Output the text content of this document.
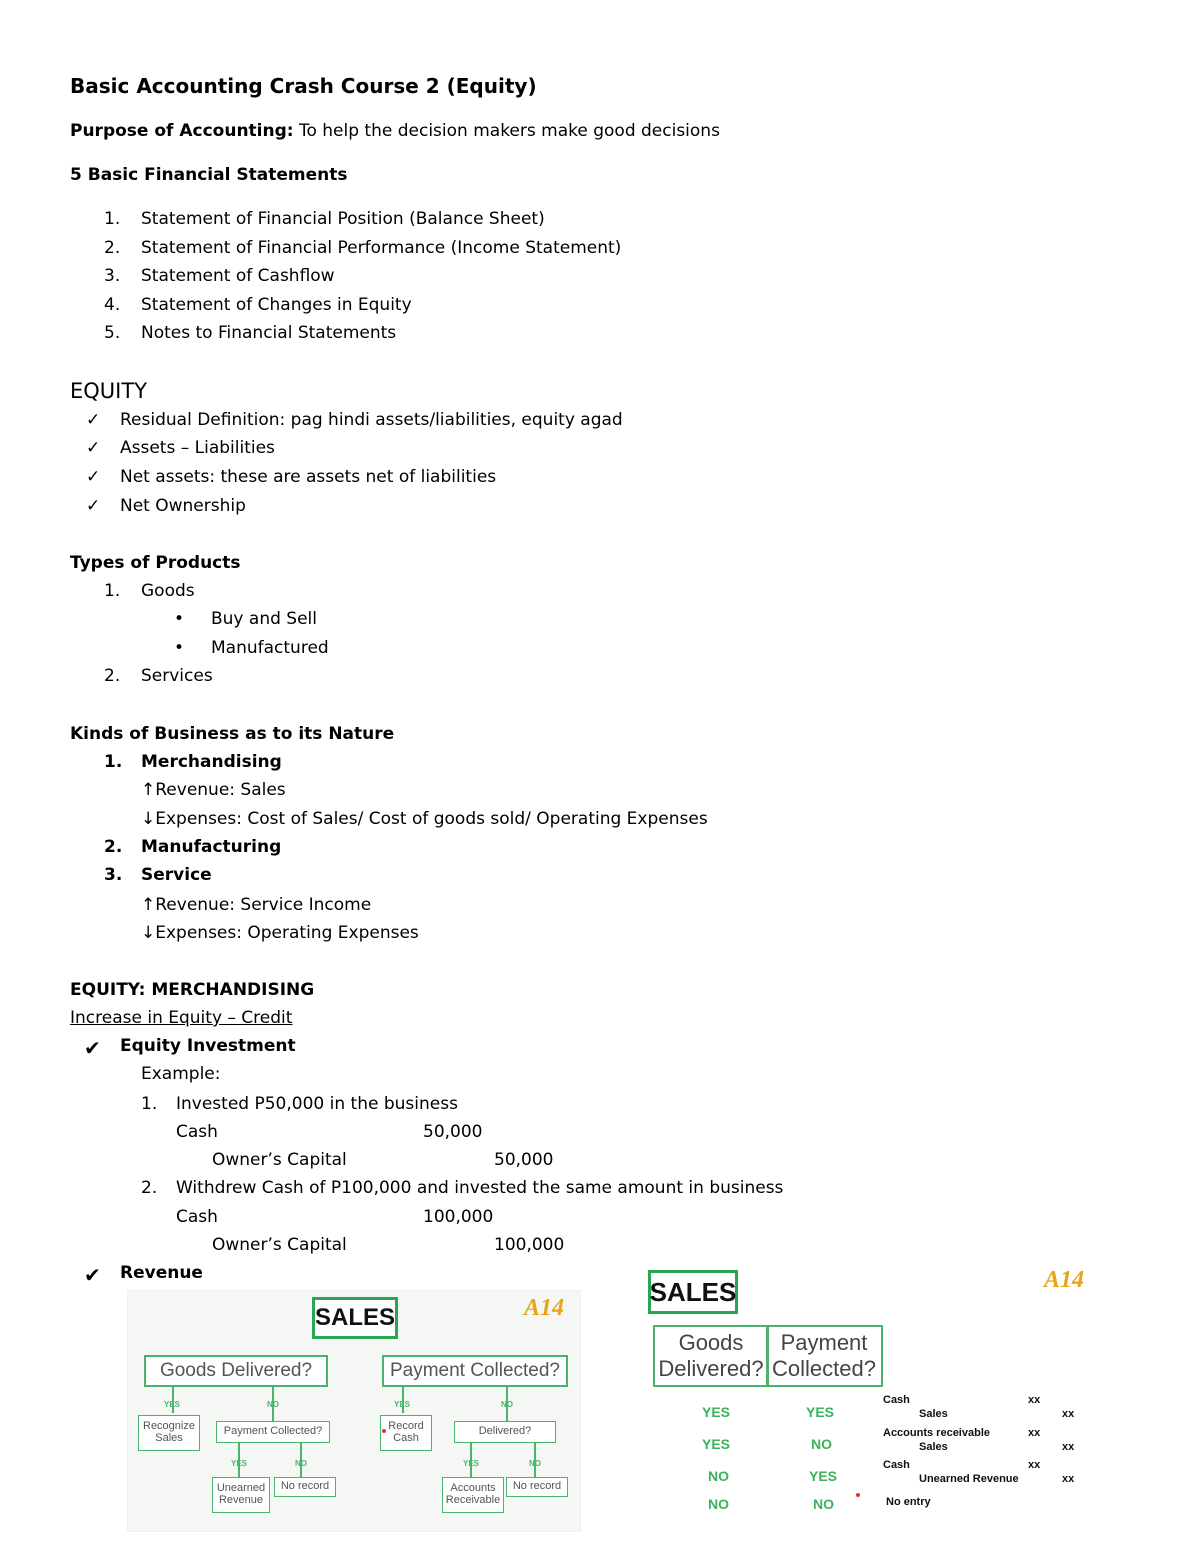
Basic Accounting Crash Course 2 (Equity)
Purpose of Accounting: To help the decision makers make good decisions
5 Basic Financial Statements
1. Statement of Financial Position (Balance Sheet)
2. Statement of Financial Performance (Income Statement)
3. Statement of Cashflow
4. Statement of Changes in Equity
5. Notes to Financial Statements
EQUITY
✓ Residual Definition: pag hindi assets/liabilities, equity agad
✓ Assets – Liabilities
✓ Net assets: these are assets net of liabilities
✓ Net Ownership
Types of Products
1. Goods
• Buy and Sell
• Manufactured
2. Services
Kinds of Business as to its Nature
1. Merchandising
↑Revenue: Sales
↓Expenses: Cost of Sales/ Cost of goods sold/ Operating Expenses
2. Manufacturing
3. Service
↑Revenue: Service Income
↓Expenses: Operating Expenses
EQUITY: MERCHANDISING
Increase in Equity – Credit
✔ Equity Investment
Example:
1. Invested P50,000 in the business
Cash	50,000
Owner’s Capital	50,000
2. Withdrew Cash of P100,000 and invested the same amount in business
Cash	100,000
Owner’s Capital	100,000
✔ Revenue
SALES	A14
Goods Delivered?	Payment Collected?
YES	NO
Recognize Sales
Payment Collected?
YES	NO
Unearned Revenue
No record
YES	NO
Record Cash
Delivered?
YES	NO
Accounts Receivable
No record
SALES	A14
Goods Delivered?
Payment Collected?
YES	YES
YES	NO
NO	YES
NO	NO
Cash	xx
Sales	xx
Accounts receivable	xx
Sales	xx
Cash	xx
Unearned Revenue	xx
No entry
